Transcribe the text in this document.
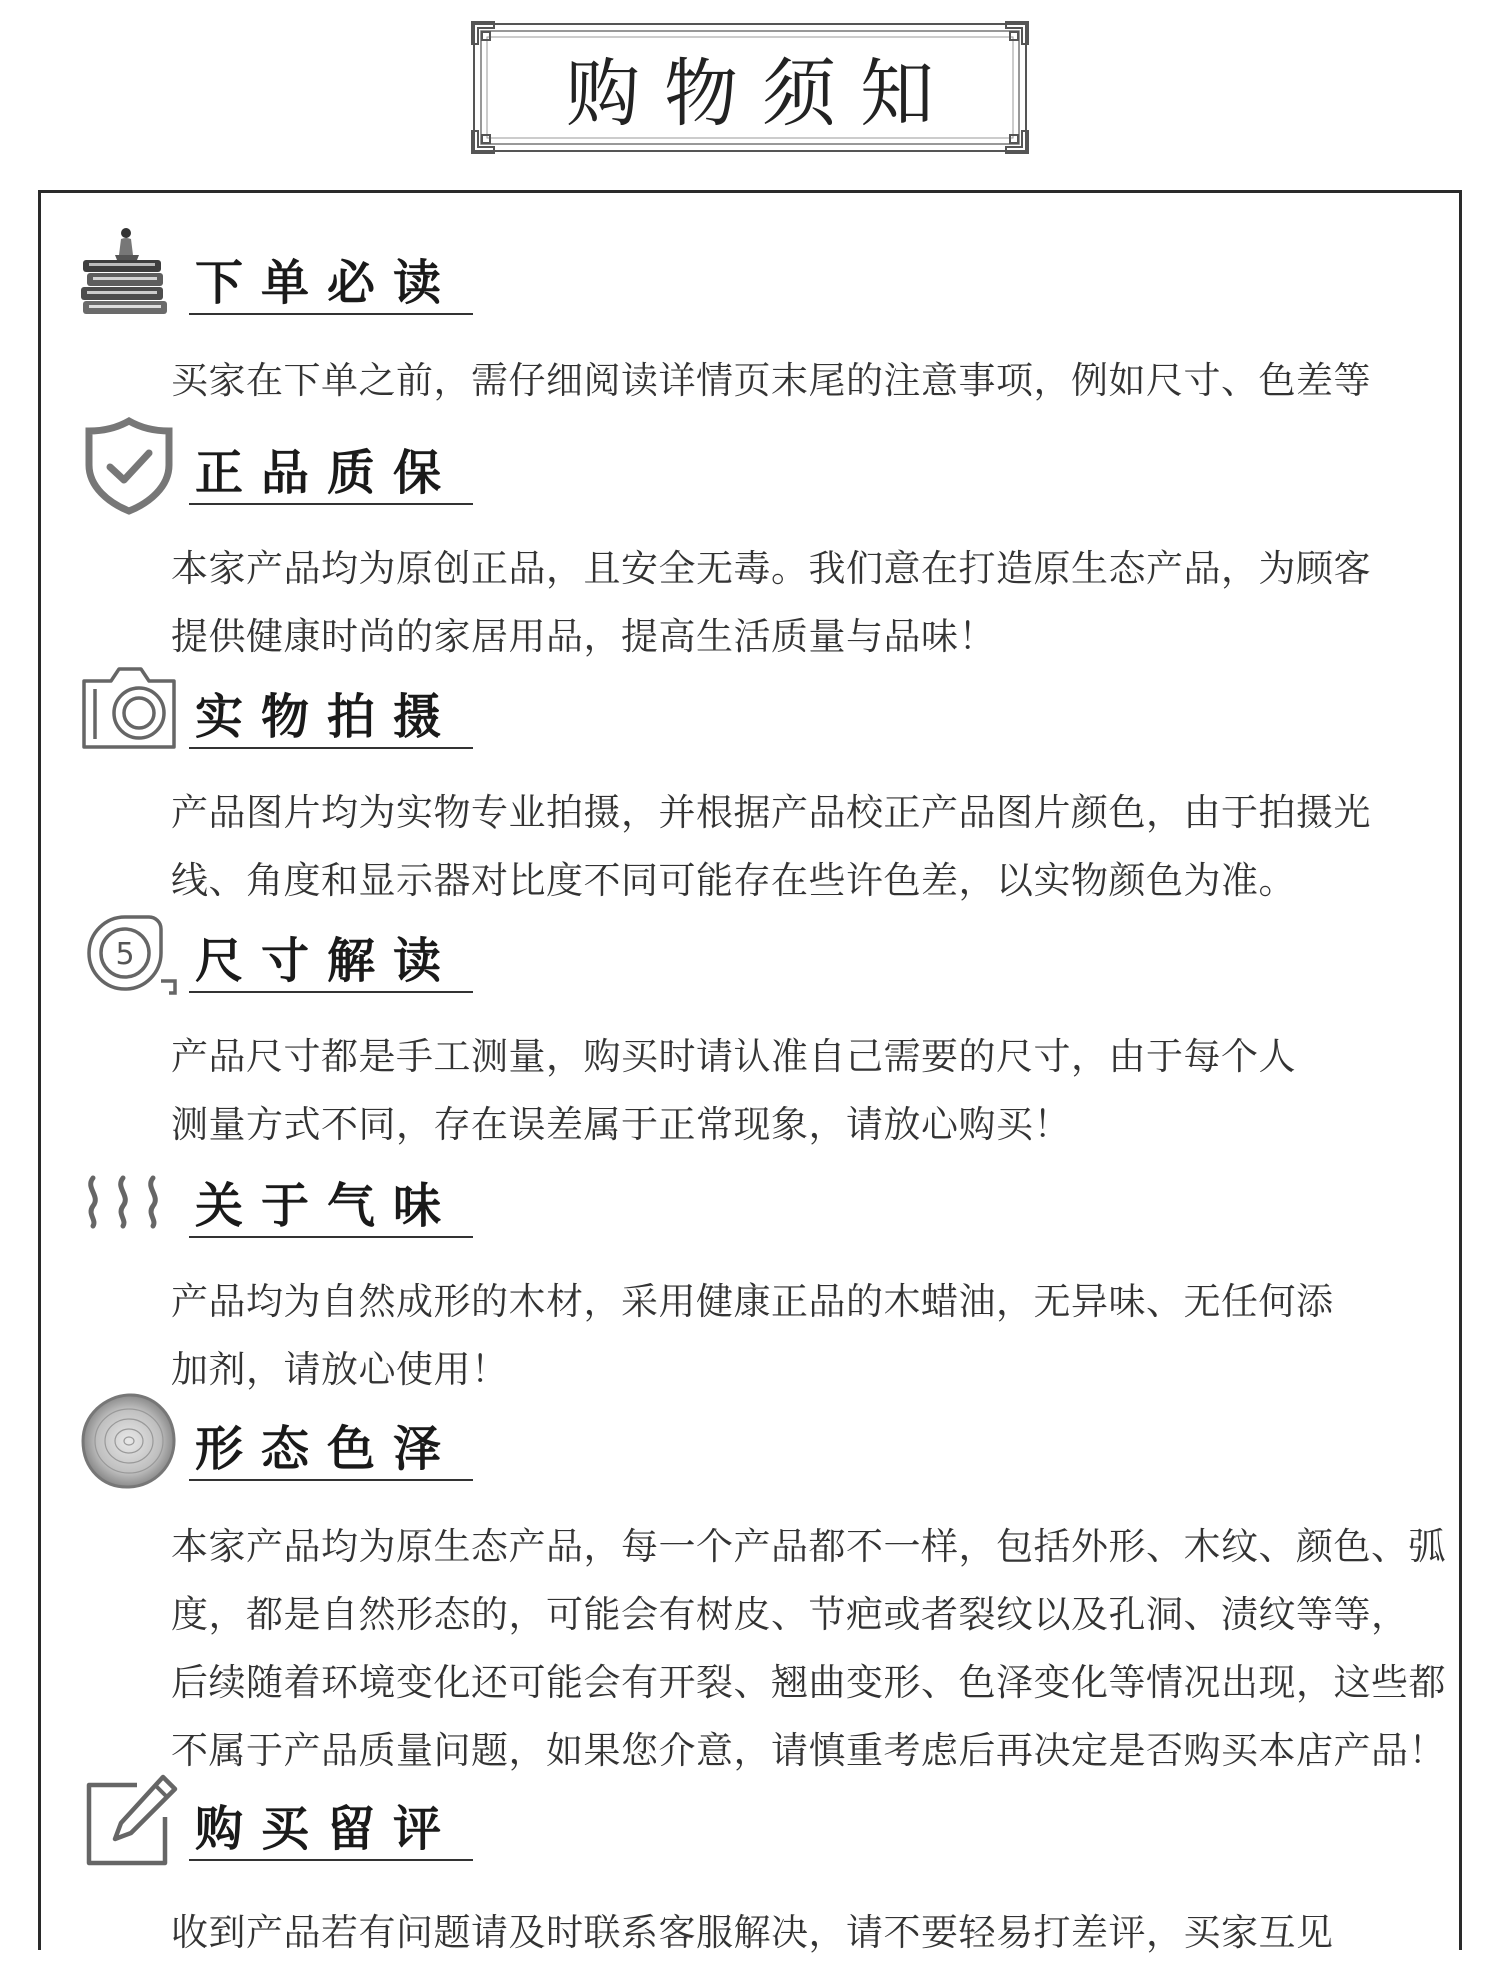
购物须知
下单必读
买家在下单之前，需仔细阅读详情页末尾的注意事项，例如尺寸、色差等
正品质保
本家产品均为原创正品，且安全无毒。我们意在打造原生态产品，为顾客
提供健康时尚的家居用品，提高生活质量与品味！
实物拍摄
产品图片均为实物专业拍摄，并根据产品校正产品图片颜色，由于拍摄光
线、角度和显示器对比度不同可能存在些许色差，以实物颜色为准。
5 尺寸解读
产品尺寸都是手工测量，购买时请认准自己需要的尺寸，由于每个人
测量方式不同，存在误差属于正常现象，请放心购买！
关于气味
产品均为自然成形的木材，采用健康正品的木蜡油，无异味、无任何添
加剂，请放心使用！
形态色泽
本家产品均为原生态产品，每一个产品都不一样，包括外形、木纹、颜色、弧
度，都是自然形态的，可能会有树皮、节疤或者裂纹以及孔洞、渍纹等等，
后续随着环境变化还可能会有开裂、翘曲变形、色泽变化等情况出现，这些都
不属于产品质量问题，如果您介意，请慎重考虑后再决定是否购买本店产品！
购买留评
收到产品若有问题请及时联系客服解决，请不要轻易打差评，买家互见
